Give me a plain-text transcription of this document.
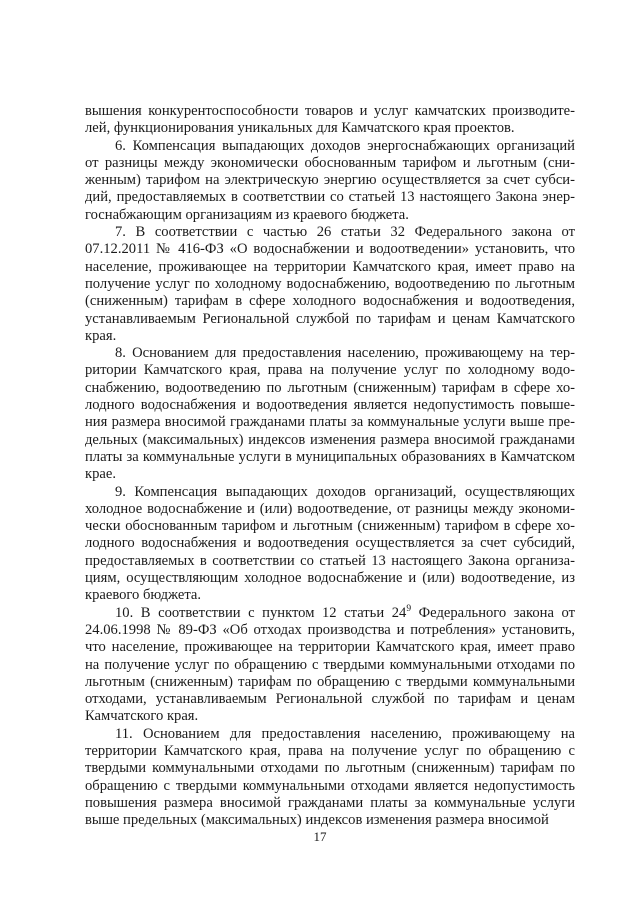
вышения конкурентоспособности товаров и услуг камчатских производителей, функционирования уникальных для Камчатского края проектов.

6. Компенсация выпадающих доходов энергоснабжающих организаций от разницы между экономически обоснованным тарифом и льготным (сниженным) тарифом на электрическую энергию осуществляется за счет субсидий, предоставляемых в соответствии со статьей 13 настоящего Закона энергоснабжающим организациям из краевого бюджета.

7. В соответствии с частью 26 статьи 32 Федерального закона от 07.12.2011 № 416-ФЗ «О водоснабжении и водоотведении» установить, что население, проживающее на территории Камчатского края, имеет право на получение услуг по холодному водоснабжению, водоотведению по льготным (сниженным) тарифам в сфере холодного водоснабжения и водоотведения, устанавливаемым Региональной службой по тарифам и ценам Камчатского края.

8. Основанием для предоставления населению, проживающему на территории Камчатского края, права на получение услуг по холодному водоснабжению, водоотведению по льготным (сниженным) тарифам в сфере холодного водоснабжения и водоотведения является недопустимость повышения размера вносимой гражданами платы за коммунальные услуги выше предельных (максимальных) индексов изменения размера вносимой гражданами платы за коммунальные услуги в муниципальных образованиях в Камчатском крае.

9. Компенсация выпадающих доходов организаций, осуществляющих холодное водоснабжение и (или) водоотведение, от разницы между экономически обоснованным тарифом и льготным (сниженным) тарифом в сфере холодного водоснабжения и водоотведения осуществляется за счет субсидий, предоставляемых в соответствии со статьей 13 настоящего Закона организациям, осуществляющим холодное водоснабжение и (или) водоотведение, из краевого бюджета.

10. В соответствии с пунктом 12 статьи $24^9$ Федерального закона от 24.06.1998 № 89-ФЗ «Об отходах производства и потребления» установить, что население, проживающее на территории Камчатского края, имеет право на получение услуг по обращению с твердыми коммунальными отходами по льготным (сниженным) тарифам по обращению с твердыми коммунальными отходами, устанавливаемым Региональной службой по тарифам и ценам Камчатского края.

11. Основанием для предоставления населению, проживающему на территории Камчатского края, права на получение услуг по обращению с твердыми коммунальными отходами по льготным (сниженным) тарифам по обращению с твердыми коммунальными отходами является недопустимость повышения размера вносимой гражданами платы за коммунальные услуги выше предельных (максимальных) индексов изменения размера вносимой

17
